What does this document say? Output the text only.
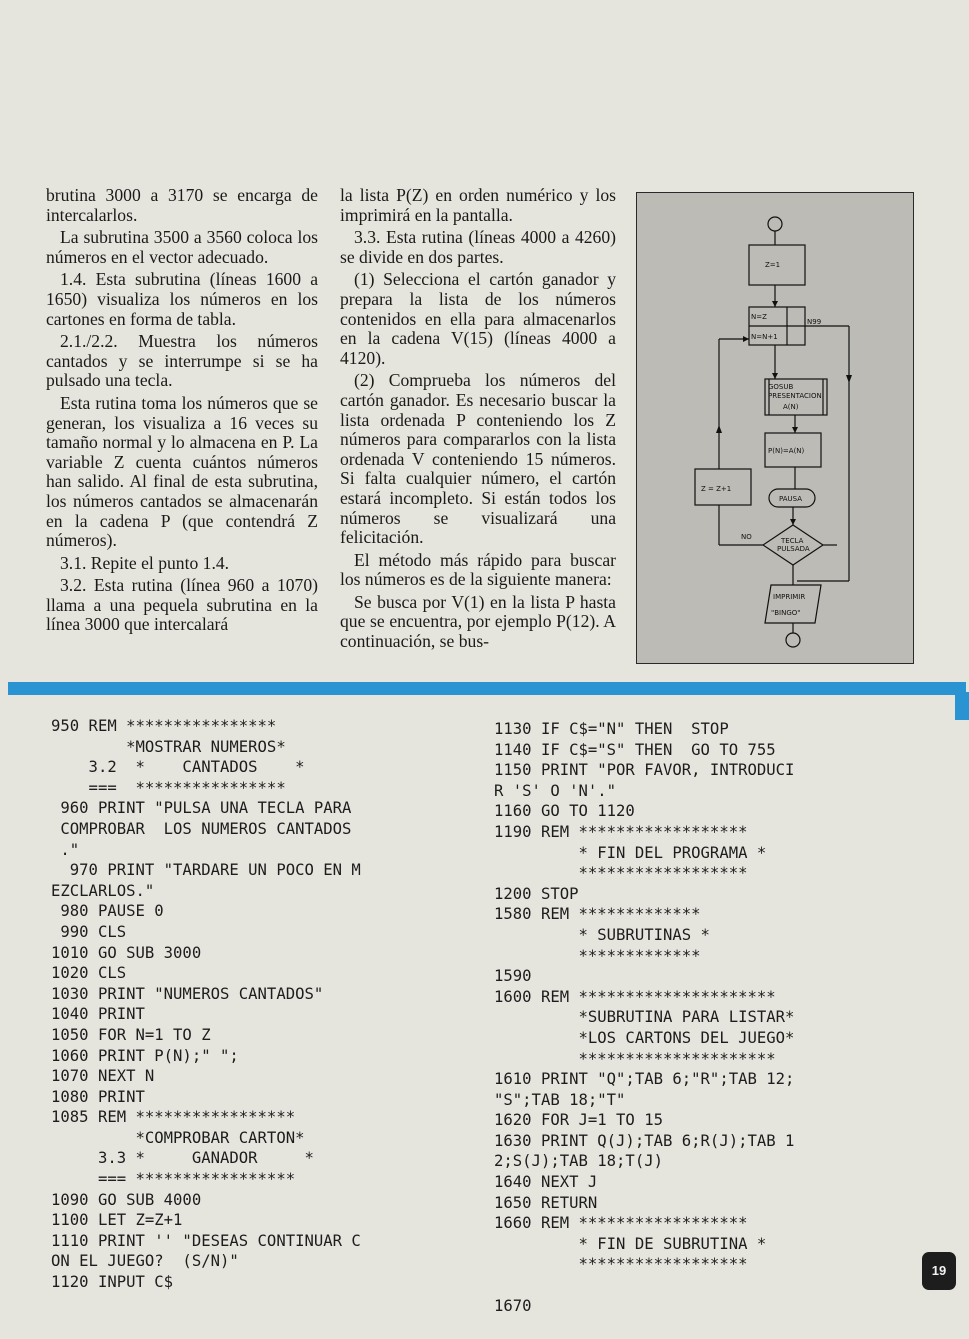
brutina 3000 a 3170 se encarga de intercalarlos.

La subrutina 3500 a 3560 coloca los números en el vector adecuado.

1.4. Esta subrutina (líneas 1600 a 1650) visualiza los números en los cartones en forma de tabla.

2.1./2.2. Muestra los números cantados y se interrumpe si se ha pulsado una tecla.

Esta rutina toma los números que se generan, los visualiza a 16 veces su tamaño normal y lo almacena en P. La variable Z cuenta cuántos números han salido. Al final de esta subrutina, los números cantados se almacenarán en la cadena P (que contendrá Z números).

3.1. Repite el punto 1.4.

3.2. Esta rutina (línea 960 a 1070) llama a una pequela subrutina en la línea 3000 que intercalará

la lista P(Z) en orden numérico y los imprimirá en la pantalla.

3.3. Esta rutina (líneas 4000 a 4260) se divide en dos partes.

(1) Selecciona el cartón ganador y prepara la lista de los números contenidos en ella para almacenarlos en la cadena V(15) (líneas 4000 a 4120).

(2) Comprueba los números del cartón ganador. Es necesario buscar la lista ordenada P conteniendo los Z números para compararlos con la lista ordenada V conteniendo 15 números. Si falta cualquier número, el cartón estará incompleto. Si están todos los números se visualizará una felicitación.

El método más rápido para buscar los números es de la siguiente manera:

Se busca por V(1) en la lista P hasta que se encuentra, por ejemplo P(12). A continuación, se bus-

Z=1
N=Z
N=N+1
N99
GOSUB
PRESENTACION
A(N)
P(N)=A(N)
PAUSA
TECLA
PULSADA
NO
Z = Z+1
IMPRIMIR
"BINGO"
950 REM ****************
*MOSTRAR NUMEROS*
3.2  *    CANTADOS    *
===  ****************
960 PRINT "PULSA UNA TECLA PARA
COMPROBAR  LOS NUMEROS CANTADOS
."
970 PRINT "TARDARE UN POCO EN M
EZCLARLOS."
980 PAUSE 0
990 CLS
1010 GO SUB 3000
1020 CLS
1030 PRINT "NUMEROS CANTADOS"
1040 PRINT
1050 FOR N=1 TO Z
1060 PRINT P(N);" ";
1070 NEXT N
1080 PRINT
1085 REM *****************
*COMPROBAR CARTON*
3.3 *     GANADOR     *
=== *****************
1090 GO SUB 4000
1100 LET Z=Z+1
1110 PRINT '' "DESEAS CONTINUAR C
ON EL JUEGO?  (S/N)"
1120 INPUT C$
1130 IF C$="N" THEN  STOP
1140 IF C$="S" THEN  GO TO 755
1150 PRINT "POR FAVOR, INTRODUCI
R 'S' O 'N'."
1160 GO TO 1120
1190 REM ******************
* FIN DEL PROGRAMA *
******************
1200 STOP
1580 REM *************
* SUBRUTINAS *
*************
1590
1600 REM *********************
*SUBRUTINA PARA LISTAR*
*LOS CARTONS DEL JUEGO*
*********************
1610 PRINT "Q";TAB 6;"R";TAB 12;
"S";TAB 18;"T"
1620 FOR J=1 TO 15
1630 PRINT Q(J);TAB 6;R(J);TAB 1
2;S(J);TAB 18;T(J)
1640 NEXT J
1650 RETURN
1660 REM ******************
* FIN DE SUBRUTINA *
******************

1670
19
